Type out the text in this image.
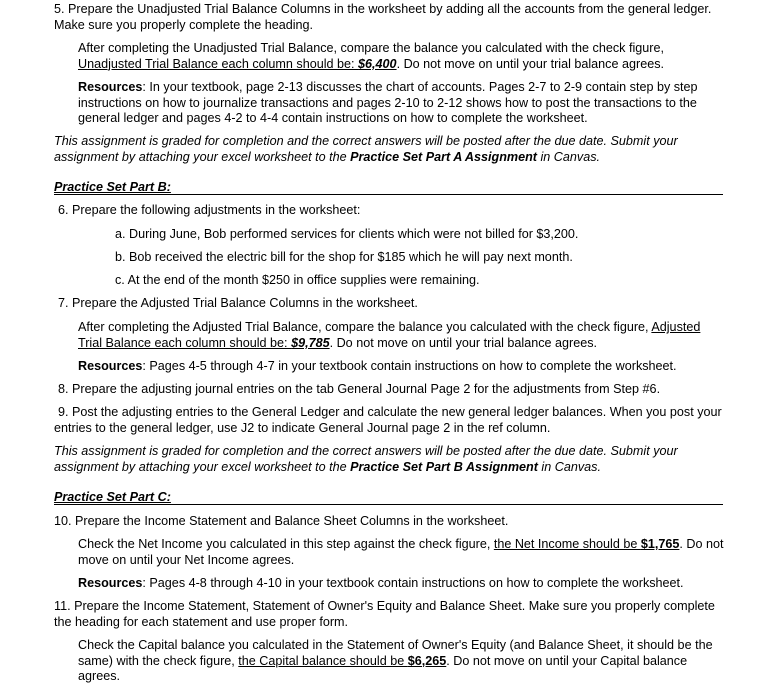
5. Prepare the Unadjusted Trial Balance Columns in the worksheet by adding all the accounts from the general ledger. Make sure you properly complete the heading.

After completing the Unadjusted Trial Balance, compare the balance you calculated with the check figure, Unadjusted Trial Balance each column should be: $6,400. Do not move on until your trial balance agrees.

Resources: In your textbook, page 2-13 discusses the chart of accounts. Pages 2-7 to 2-9 contain step by step instructions on how to journalize transactions and pages 2-10 to 2-12 shows how to post the transactions to the general ledger and pages 4-2 to 4-4 contain instructions on how to complete the worksheet.

This assignment is graded for completion and the correct answers will be posted after the due date. Submit your assignment by attaching your excel worksheet to the Practice Set Part A Assignment in Canvas.

Practice Set Part B:

6. Prepare the following adjustments in the worksheet:

a. During June, Bob performed services for clients which were not billed for $3,200.

b. Bob received the electric bill for the shop for $185 which he will pay next month.

c. At the end of the month $250 in office supplies were remaining.

7. Prepare the Adjusted Trial Balance Columns in the worksheet.

After completing the Adjusted Trial Balance, compare the balance you calculated with the check figure, Adjusted Trial Balance each column should be: $9,785. Do not move on until your trial balance agrees.

Resources: Pages 4-5 through 4-7 in your textbook contain instructions on how to complete the worksheet.

8. Prepare the adjusting journal entries on the tab General Journal Page 2 for the adjustments from Step #6.

9. Post the adjusting entries to the General Ledger and calculate the new general ledger balances. When you post your entries to the general ledger, use J2 to indicate General Journal page 2 in the ref column.

This assignment is graded for completion and the correct answers will be posted after the due date. Submit your assignment by attaching your excel worksheet to the Practice Set Part B Assignment in Canvas.

Practice Set Part C:

10. Prepare the Income Statement and Balance Sheet Columns in the worksheet.

Check the Net Income you calculated in this step against the check figure, the Net Income should be $1,765. Do not move on until your Net Income agrees.

Resources: Pages 4-8 through 4-10 in your textbook contain instructions on how to complete the worksheet.

11. Prepare the Income Statement, Statement of Owner's Equity and Balance Sheet. Make sure you properly complete the heading for each statement and use proper form.

Check the Capital balance you calculated in the Statement of Owner's Equity (and Balance Sheet, it should be the same) with the check figure, the Capital balance should be $6,265. Do not move on until your Capital balance agrees.
